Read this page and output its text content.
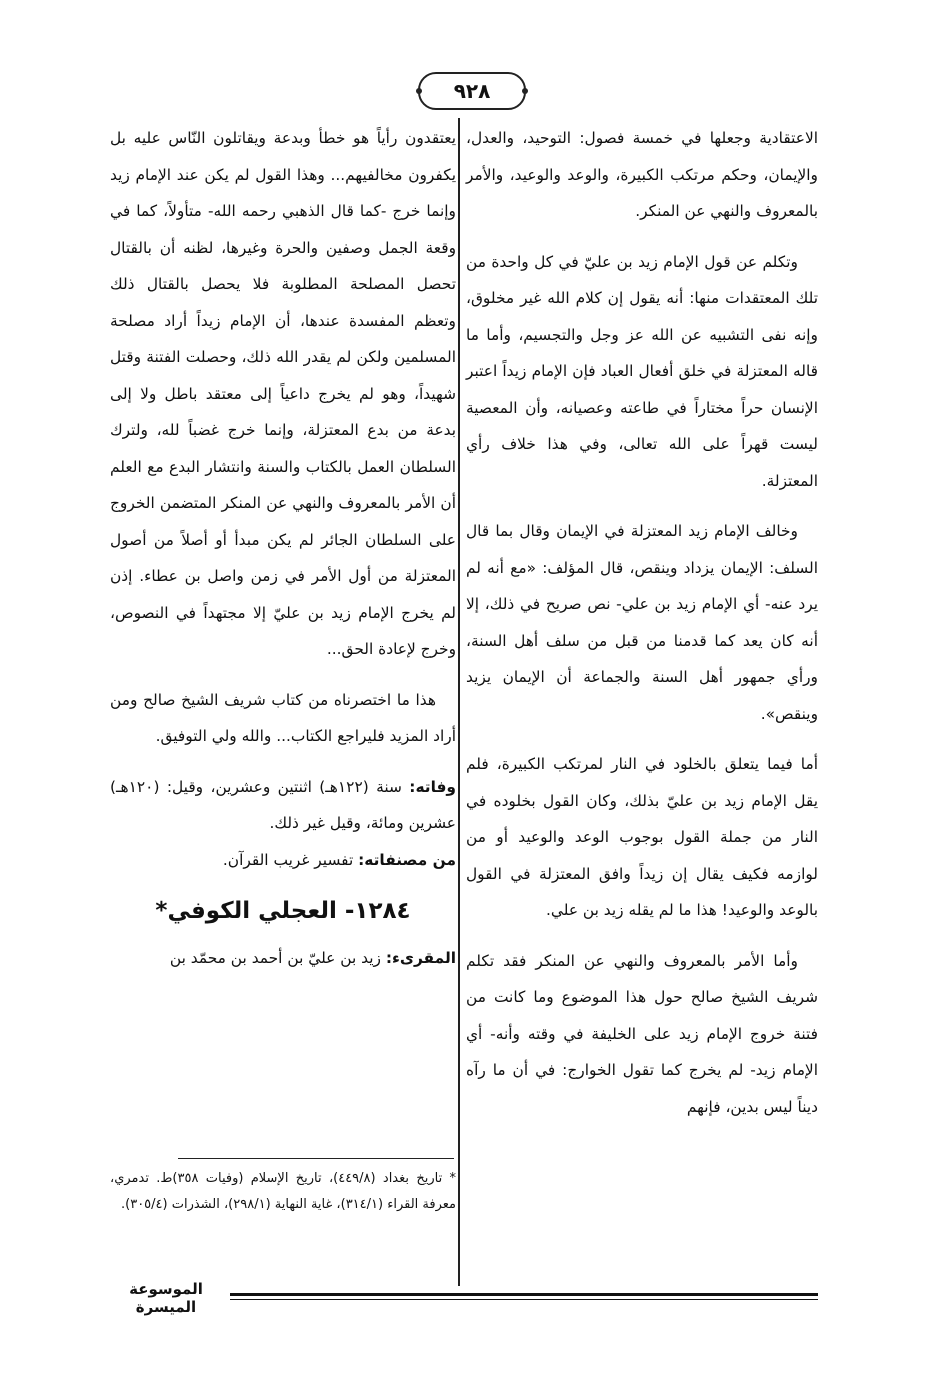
٩٢٨

الاعتقادية وجعلها في خمسة فصول: التوحيد، والعدل، والإيمان، وحكم مرتكب الكبيرة، والوعد والوعيد، والأمر بالمعروف والنهي عن المنكر.

وتكلم عن قول الإمام زيد بن عليّ في كل واحدة من تلك المعتقدات منها: أنه يقول إن كلام الله غير مخلوق، وإنه نفى التشبيه عن الله عز وجل والتجسيم، وأما ما قاله المعتزلة في خلق أفعال العباد فإن الإمام زيداً اعتبر الإنسان حراً مختاراً في طاعته وعصيانه، وأن المعصية ليست قهراً على الله تعالى، وفي هذا خلاف رأي المعتزلة.

وخالف الإمام زيد المعتزلة في الإيمان وقال بما قال السلف: الإيمان يزداد وينقص، قال المؤلف: «مع أنه لم يرد عنه- أي الإمام زيد بن علي- نص صريح في ذلك، إلا أنه كان يعد كما قدمنا من قبل من سلف أهل السنة، ورأي جمهور أهل السنة والجماعة أن الإيمان يزيد وينقص».

أما فيما يتعلق بالخلود في النار لمرتكب الكبيرة، فلم يقل الإمام زيد بن عليّ بذلك، وكان القول بخلوده في النار من جملة القول بوجوب الوعد والوعيد أو من لوازمه فكيف يقال إن زيداً وافق المعتزلة في القول بالوعد والوعيد! هذا ما لم يقله زيد بن علي.

وأما الأمر بالمعروف والنهي عن المنكر فقد تكلم شريف الشيخ صالح حول هذا الموضوع وما كانت من فتنة خروج الإمام زيد على الخليفة في وقته وأنه- أي الإمام زيد- لم يخرج كما تقول الخوارج: في أن ما رآه ديناً ليس بدين، فإنهم

يعتقدون رأياً هو خطأ وبدعة ويقاتلون النّاس عليه بل يكفرون مخالفيهم... وهذا القول لم يكن عند الإمام زيد وإنما خرج -كما قال الذهبي رحمه الله- متأولاً، كما في وقعة الجمل وصفين والحرة وغيرها، لظنه أن بالقتال تحصل المصلحة المطلوبة فلا يحصل بالقتال ذلك وتعظم المفسدة عندها، أن الإمام زيداً أراد مصلحة المسلمين ولكن لم يقدر الله ذلك، وحصلت الفتنة وقتل شهيداً، وهو لم يخرج داعياً إلى معتقد باطل ولا إلى بدعة من بدع المعتزلة، وإنما خرج غضباً لله، ولترك السلطان العمل بالكتاب والسنة وانتشار البدع مع العلم أن الأمر بالمعروف والنهي عن المنكر المتضمن الخروج على السلطان الجائر لم يكن مبدأ أو أصلاً من أصول المعتزلة من أول الأمر في زمن واصل بن عطاء. إذن لم يخرج الإمام زيد بن عليّ إلا مجتهداً في النصوص، وخرج لإعادة الحق...

هذا ما اختصرناه من كتاب شريف الشيخ صالح ومن أراد المزيد فليراجع الكتاب... والله ولي التوفيق.

وفاته: سنة (١٢٢هـ) اثنتين وعشرين، وقيل: (١٢٠هـ) عشرين ومائة، وقيل غير ذلك.

من مصنفاته: تفسير غريب القرآن.

١٢٨٤- العجلي الكوفي*

المقرىء: زيد بن عليّ بن أحمد بن محمّد بن

* تاريخ بغداد (٤٤٩/٨)، تاريخ الإسلام (وفيات ٣٥٨)ط. تدمري، معرفة القراء (٣١٤/١)، غاية النهاية (٢٩٨/١)، الشذرات (٣٠٥/٤).
الموسوعة الميسرة
